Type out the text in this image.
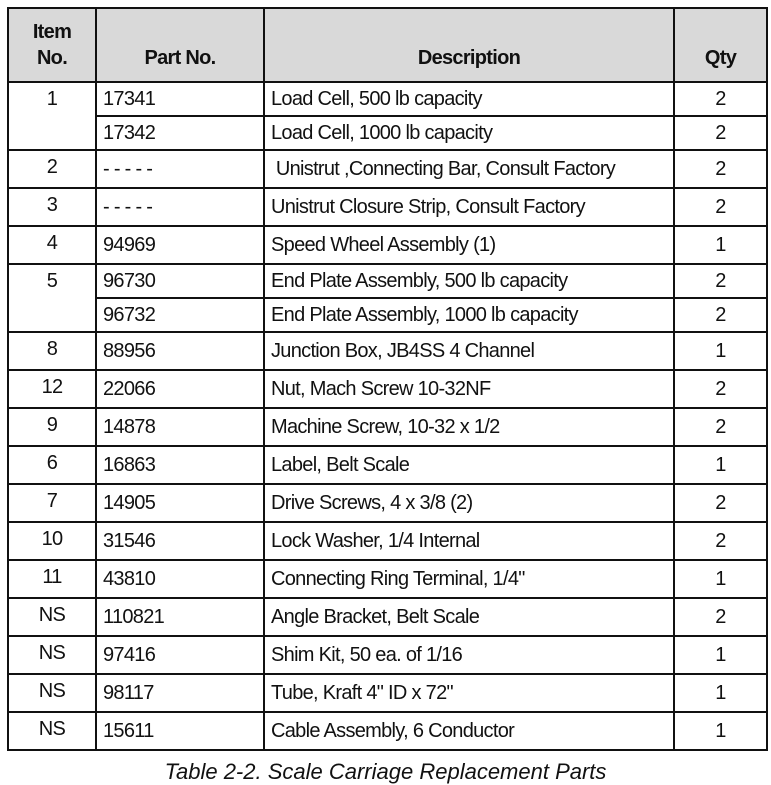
Item
No.	Part No.	Description	Qty
1	17341	Load Cell, 500 lb capacity	2
	17342	Load Cell, 1000 lb capacity	2
2	- - - - -	Unistrut ,Connecting Bar, Consult Factory	2
3	- - - - -	Unistrut Closure Strip, Consult Factory	2
4	94969	Speed Wheel Assembly (1)	1
5	96730	End Plate Assembly, 500 lb capacity	2
	96732	End Plate Assembly, 1000 lb capacity	2
8	88956	Junction Box, JB4SS 4 Channel	1
12	22066	Nut, Mach Screw 10-32NF	2
9	14878	Machine Screw, 10-32 x 1/2	2
6	16863	Label, Belt Scale	1
7	14905	Drive Screws, 4 x 3/8 (2)	2
10	31546	Lock Washer, 1/4 Internal	2
11	43810	Connecting Ring Terminal, 1/4"	1
NS	110821	Angle Bracket, Belt Scale	2
NS	97416	Shim Kit, 50 ea. of 1/16	1
NS	98117	Tube, Kraft 4" ID x 72"	1
NS	15611	Cable Assembly, 6 Conductor	1
Table 2-2. Scale Carriage Replacement Parts
